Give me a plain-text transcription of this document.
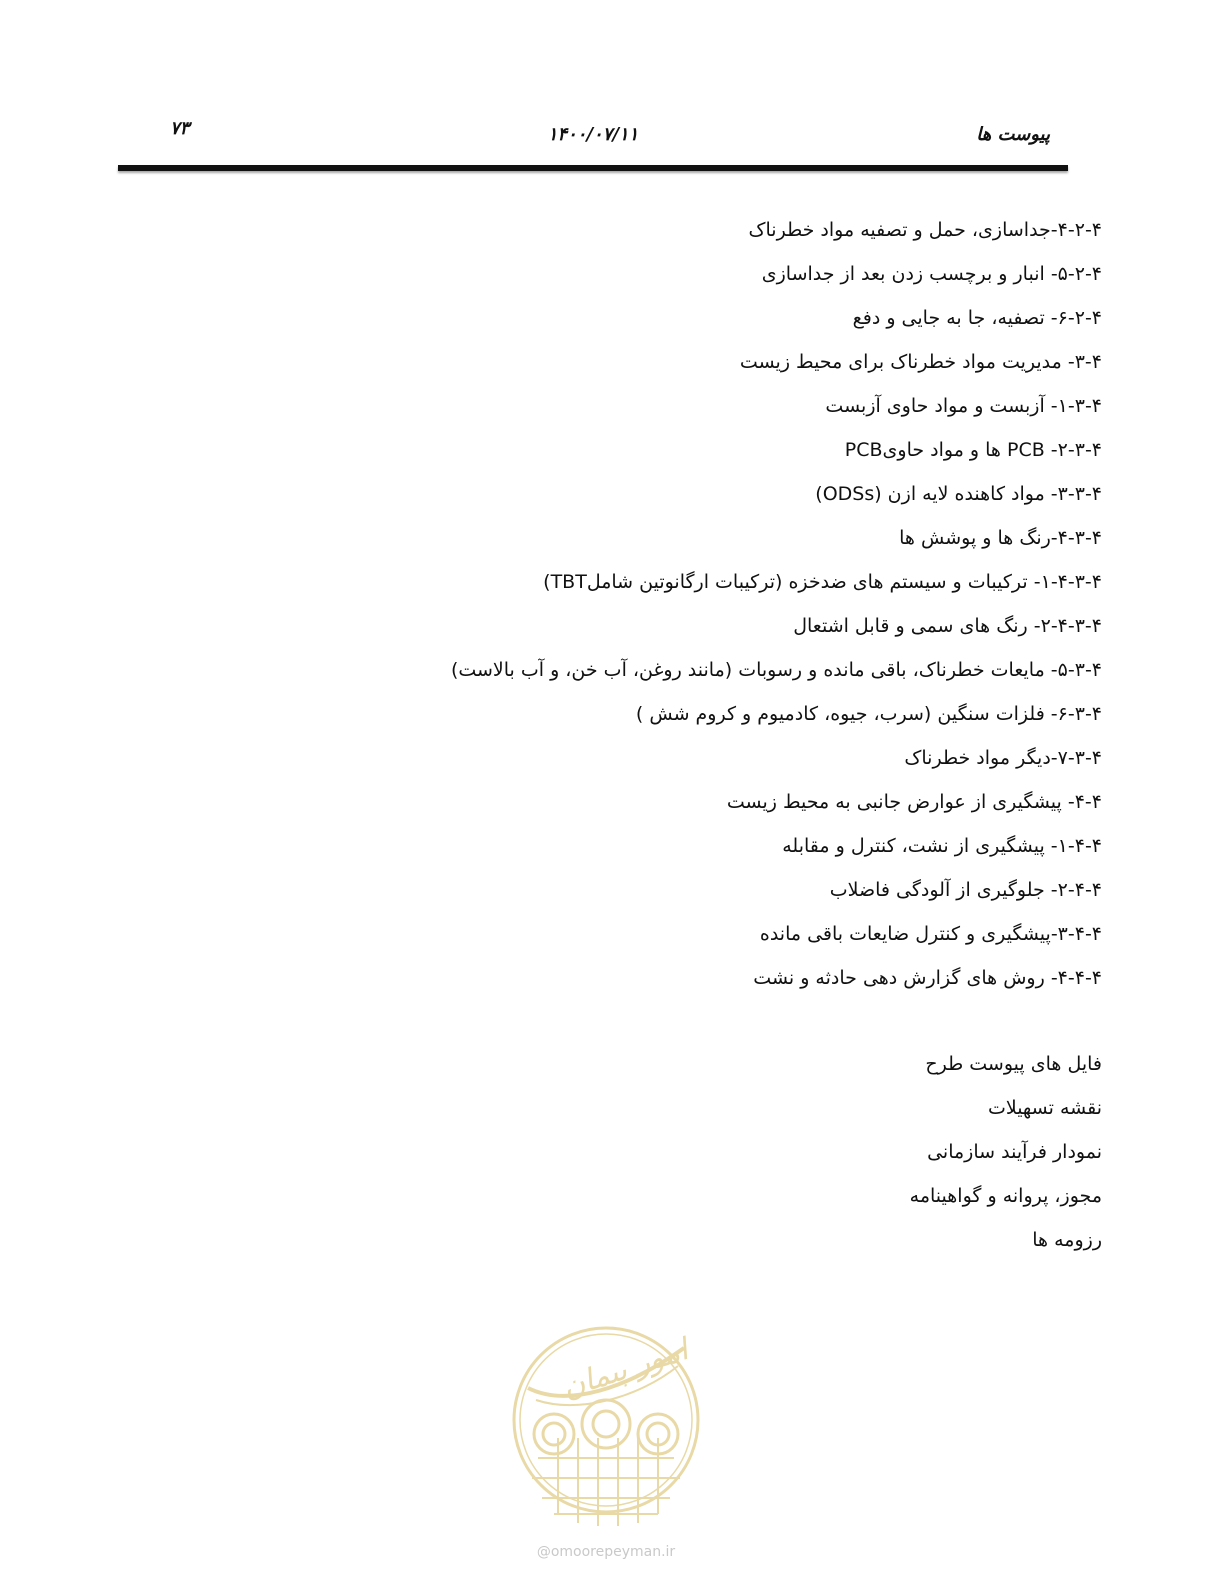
پیوست ها
۱۴۰۰/۰۷/۱۱
۷۳
۴-۲-۴-جداسازی، حمل و تصفیه مواد خطرناک
۵-۲-۴- انبار و برچسب زدن بعد از جداسازی
۶-۲-۴- تصفیه، جا به جایی و دفع
۳-۴- مدیریت مواد خطرناک برای محیط زیست
۱-۳-۴- آزبست و مواد حاوی آزبست
۲-۳-۴- PCB ها و مواد حاویPCB
۳-۳-۴- مواد کاهنده لایه ازن (ODSs)
۴-۳-۴-رنگ ها و پوشش ها
۱-۴-۳-۴- ترکیبات و سیستم های ضدخزه (ترکیبات ارگانوتین شاملTBT)
۲-۴-۳-۴- رنگ های سمی و قابل اشتعال
۵-۳-۴- مایعات خطرناک، باقی مانده و رسوبات (مانند روغن، آب خن، و آب بالاست)
۶-۳-۴- فلزات سنگین (سرب، جیوه، کادمیوم و کروم شش )
۷-۳-۴-دیگر مواد خطرناک
۴-۴- پیشگیری از عوارض جانبی به محیط زیست
۱-۴-۴- پیشگیری از نشت، کنترل و مقابله
۲-۴-۴- جلوگیری از آلودگی فاضلاب
۳-۴-۴-پیشگیری و کنترل ضایعات باقی مانده
۴-۴-۴- روش های گزارش دهی حادثه و نشت
فایل های پیوست طرح
نقشه تسهیلات
نمودار فرآیند سازمانی
مجوز، پروانه و گواهینامه
رزومه ها
امور پیمان
@omoorepeyman.ir
